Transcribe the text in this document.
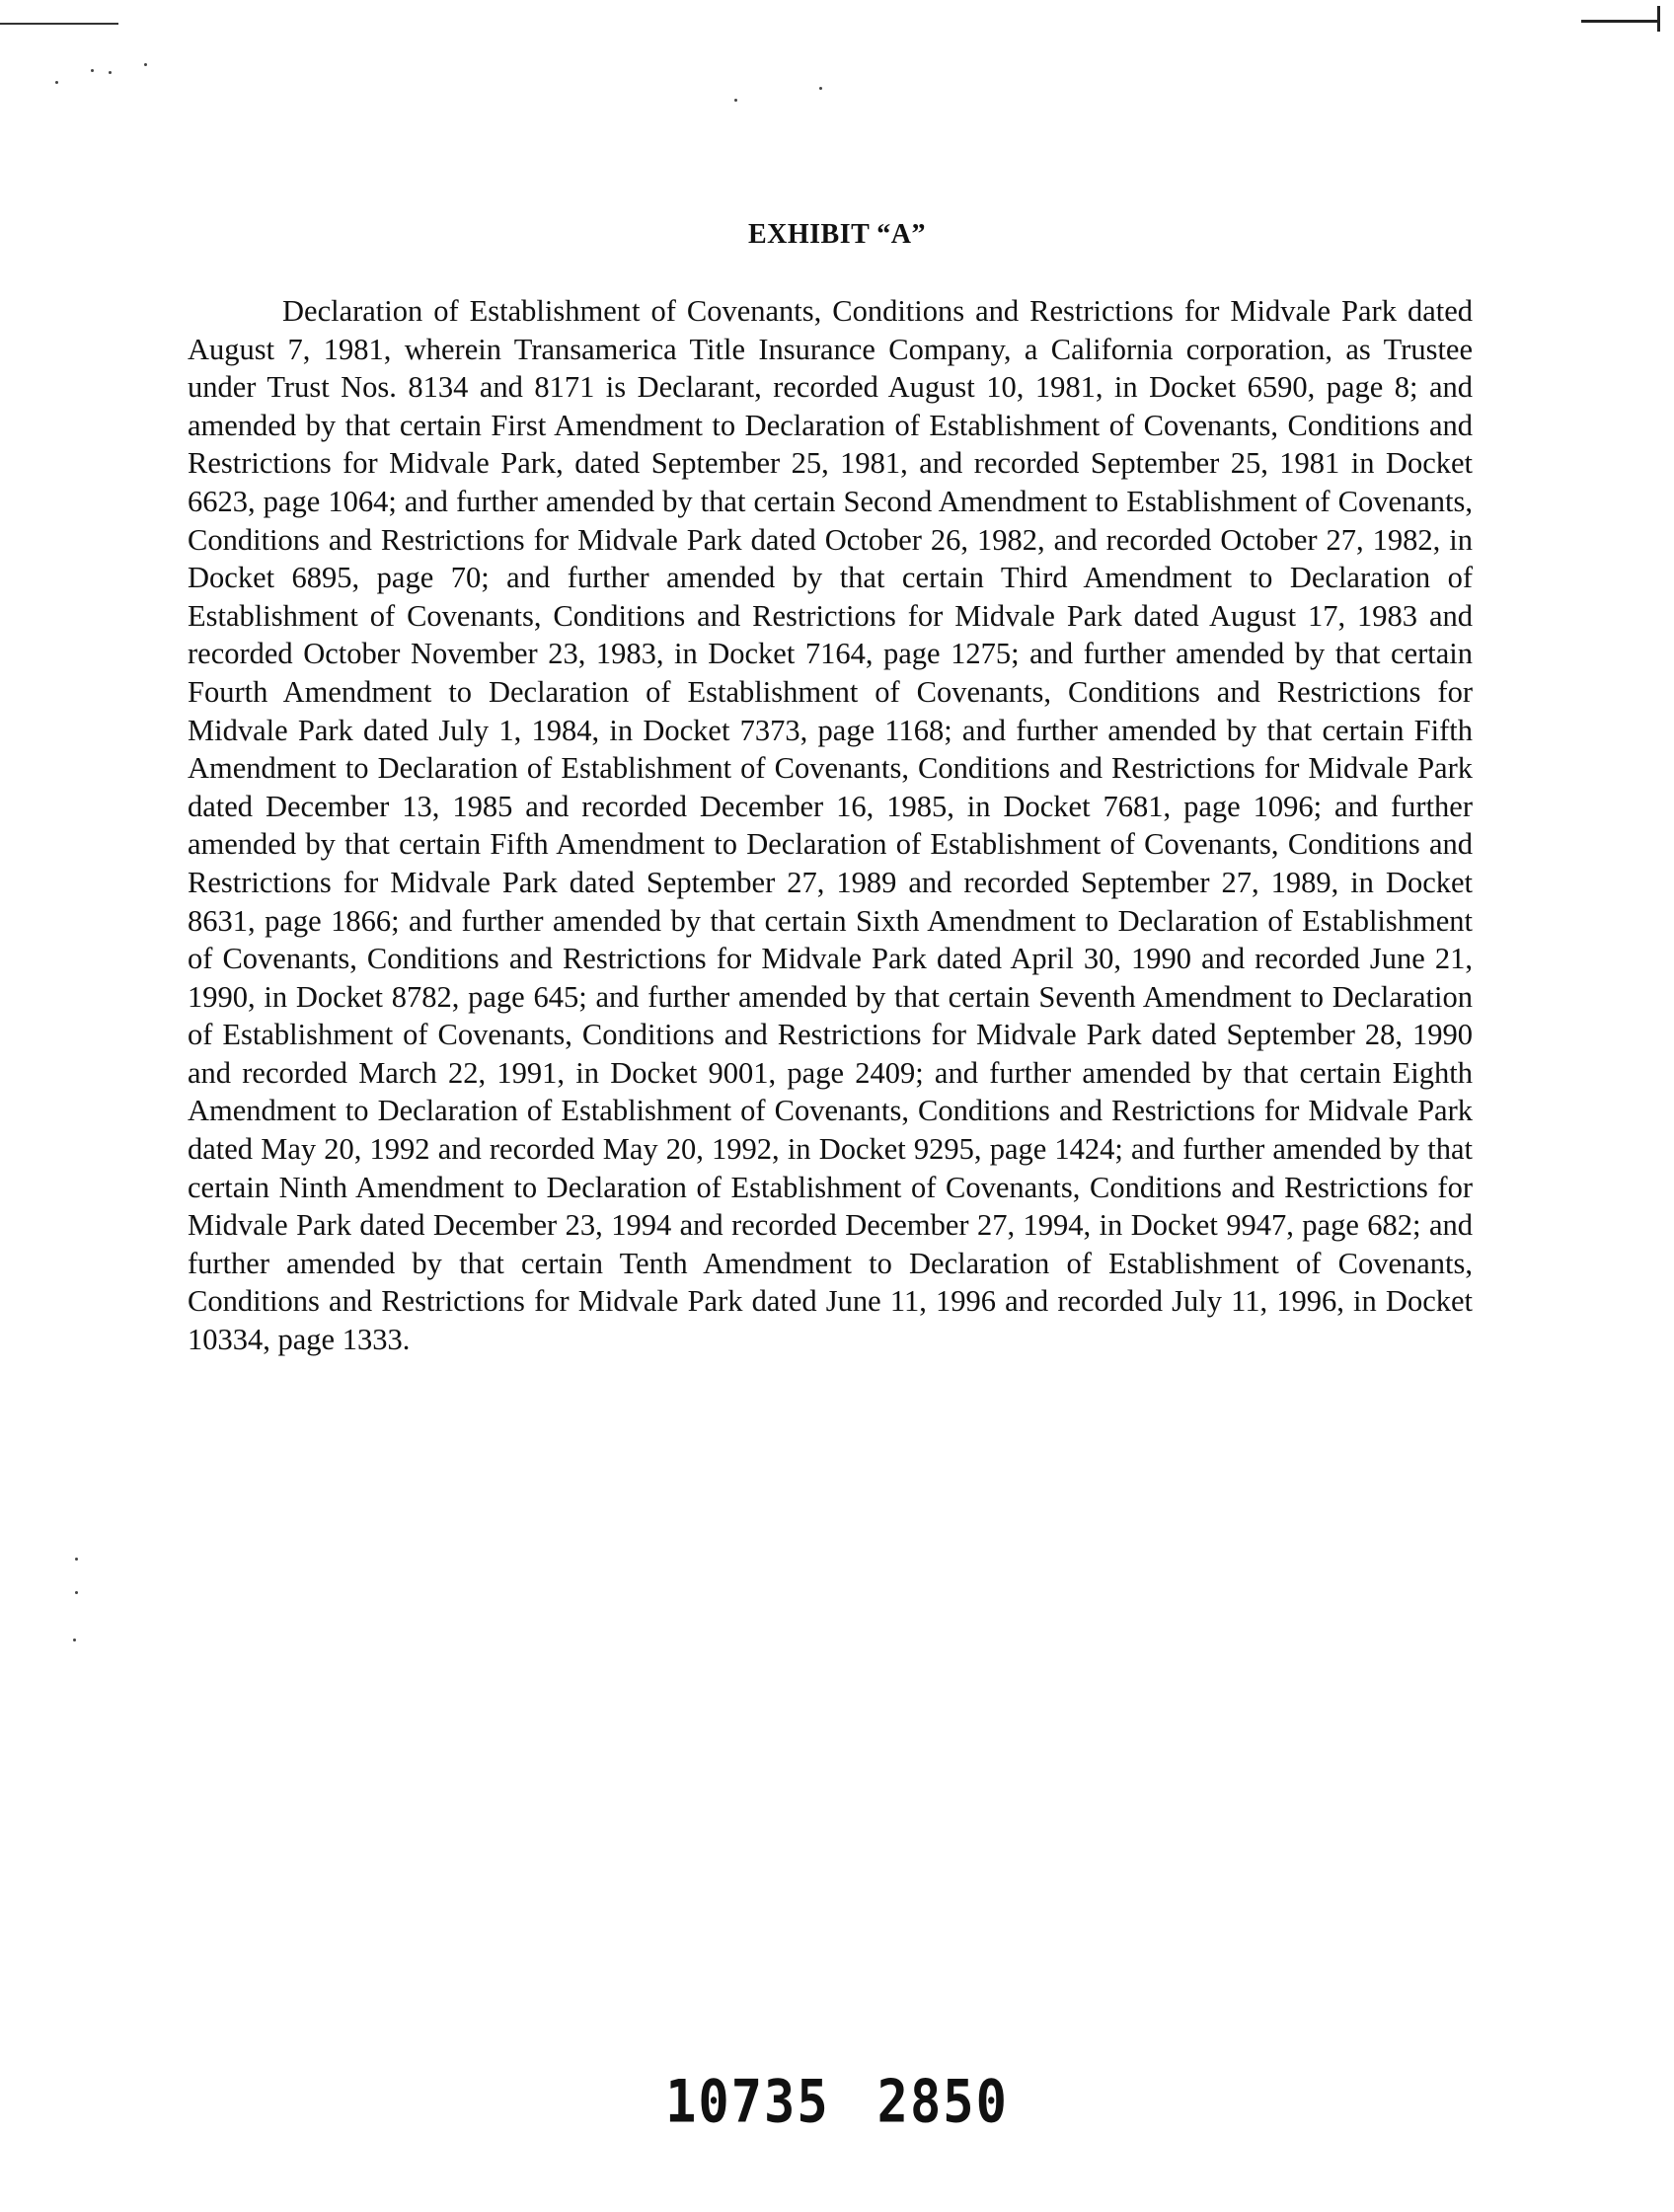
EXHIBIT “A”

Declaration of Establishment of Covenants, Conditions and Restrictions for Midvale Park dated August 7, 1981, wherein Transamerica Title Insurance Company, a California corporation, as Trustee under Trust Nos. 8134 and 8171 is Declarant, recorded August 10, 1981, in Docket 6590, page 8; and amended by that certain First Amendment to Declaration of Establishment of Covenants, Conditions and Restrictions for Midvale Park, dated September 25, 1981, and recorded September 25, 1981 in Docket 6623, page 1064; and further amended by that certain Second Amendment to Establishment of Covenants, Conditions and Restrictions for Midvale Park dated October 26, 1982, and recorded October 27, 1982, in Docket 6895, page 70; and further amended by that certain Third Amendment to Declaration of Establishment of Covenants, Conditions and Restrictions for Midvale Park dated August 17, 1983 and recorded October November 23, 1983, in Docket 7164, page 1275; and further amended by that certain Fourth Amendment to Declaration of Establishment of Covenants, Conditions and Restrictions for Midvale Park dated July 1, 1984, in Docket 7373, page 1168; and further amended by that certain Fifth Amendment to Declaration of Establishment of Covenants, Conditions and Restrictions for Midvale Park dated December 13, 1985 and recorded December 16, 1985, in Docket 7681, page 1096; and further amended by that certain Fifth Amendment to Declaration of Establishment of Covenants, Conditions and Restrictions for Midvale Park dated September 27, 1989 and recorded September 27, 1989, in Docket 8631, page 1866; and further amended by that certain Sixth Amendment to Declaration of Establishment of Covenants, Conditions and Restrictions for Midvale Park dated April 30, 1990 and recorded June 21, 1990, in Docket 8782, page 645; and further amended by that certain Seventh Amendment to Declaration of Establishment of Covenants, Conditions and Restrictions for Midvale Park dated September 28, 1990 and recorded March 22, 1991, in Docket 9001, page 2409; and further amended by that certain Eighth Amendment to Declaration of Establishment of Covenants, Conditions and Restrictions for Midvale Park dated May 20, 1992 and recorded May 20, 1992, in Docket 9295, page 1424; and further amended by that certain Ninth Amendment to Declaration of Establishment of Covenants, Conditions and Restrictions for Midvale Park dated December 23, 1994 and recorded December 27, 1994, in Docket 9947, page 682; and further amended by that certain Tenth Amendment to Declaration of Establishment of Covenants, Conditions and Restrictions for Midvale Park dated June 11, 1996 and recorded July 11, 1996, in Docket 10334, page 1333.

10735 2850
